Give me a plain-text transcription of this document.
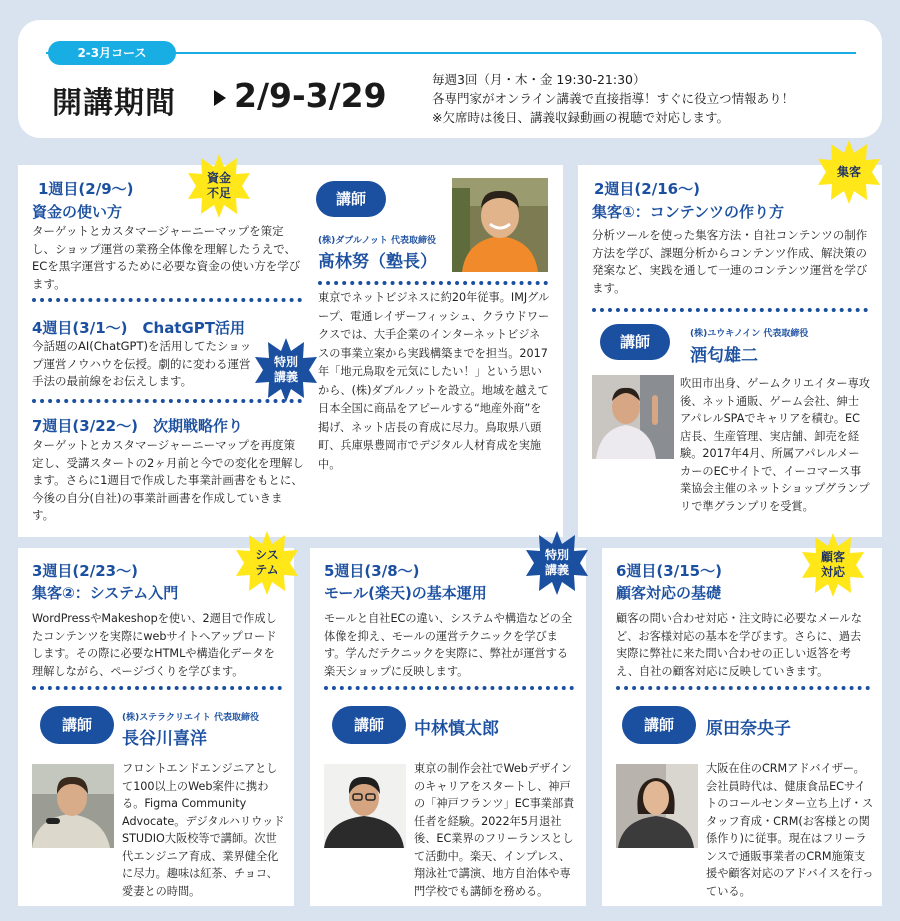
2-3月コース
開講期間 2/9-3/29	毎週3回（月・木・金 19:30-21:30）
各専門家がオンライン講義で直接指導！すぐに役立つ情報あり！
※欠席時は後日、講義収録動画の視聴で対応します。
1週目(2/9～)
資金の使い方
ターゲットとカスタマージャーニーマップを策定し、ショップ運営の業務全体像を理解したうえで、ECを黒字運営するために必要な資金の使い方を学びます。
4週目(3/1～)　ChatGPT活用
今話題のAI(ChatGPT)を活用してたショップ運営ノウハウを伝授。劇的に変わる運営手法の最前線をお伝えします。
7週目(3/22～)　次期戦略作り
ターゲットとカスタマージャーニーマップを再度策定し、受講スタートの2ヶ月前と今での変化を理解します。さらに1週目で作成した事業計画書をもとに、今後の自分(自社)の事業計画書を作成していきます。
講師
(株)ダブルノット 代表取締役
髙林努（塾長）
東京でネットビジネスに約20年従事。IMJグループ、電通レイザーフィッシュ、クラウドワークスでは、大手企業のインターネットビジネスの事業立案から実践構築までを担当。2017年「地元鳥取を元気にしたい！」という思いから、(株)ダブルノットを設立。地域を越えて日本全国に商品をアピールする“地産外商”を掲げ、ネット店長の育成に尽力。鳥取県八頭町、兵庫県豊岡市でデジタル人材育成を実施中。
資金
不足
特別
講義
2週目(2/16～)
集客①：コンテンツの作り方
分析ツールを使った集客方法・自社コンテンツの制作方法を学び、課題分析からコンテンツ作成、解決策の発案など、実践を通して一連のコンテンツ運営を学びます。
講師	(株)ユウキノイン 代表取締役
酒匂雄二
吹田市出身、ゲームクリエイター専攻後、ネット通販、ゲーム会社、紳士アパレルSPAでキャリアを積む。EC店長、生産管理、実店舗、卸売を経験。2017年4月、所属アパレルメーカーのECサイトで、イーコマース事業協会主催のネットショップグランプリで準グランプリを受賞。
集客
3週目(2/23～)
集客②：システム入門
WordPressやMakeshopを使い、2週目で作成したコンテンツを実際にwebサイトへアップロードします。その際に必要なHTMLや構造化データを理解しながら、ページづくりを学びます。
講師	(株)ステラクリエイト 代表取締役
長谷川喜洋
フロントエンドエンジニアとして100以上のWeb案件に携わる。Figma Community Advocate。デジタルハリウッドSTUDIO大阪校等で講師。次世代エンジニア育成、業界健全化に尽力。趣味は紅茶、チョコ、愛妻との時間。
シス
テム	5週目(3/8～)
モール(楽天)の基本運用
モールと自社ECの違い、システムや構造などの全体像を抑え、モールの運営テクニックを学びます。学んだテクニックを実際に、弊社が運営する楽天ショップに反映します。
講師	中林慎太郎
東京の制作会社でWebデザインのキャリアをスタートし、神戸の「神戸フランツ」EC事業部責任者を経験。2022年5月退社後、EC業界のフリーランスとして活動中。楽天、インプレス、翔泳社で講演、地方自治体や専門学校でも講師を務める。
特別
講義	6週目(3/15～)
顧客対応の基礎
顧客の問い合わせ対応・注文時に必要なメールなど、お客様対応の基本を学びます。さらに、過去実際に弊社に来た問い合わせの正しい返答を考え、自社の顧客対応に反映していきます。
講師	原田奈央子
大阪在住のCRMアドバイザー。会社員時代は、健康食品ECサイトのコールセンター立ち上げ・スタッフ育成・CRM(お客様との関係作り)に従事。現在はフリーランスで通販事業者のCRM施策支援や顧客対応のアドバイスを行っている。
顧客
対応
